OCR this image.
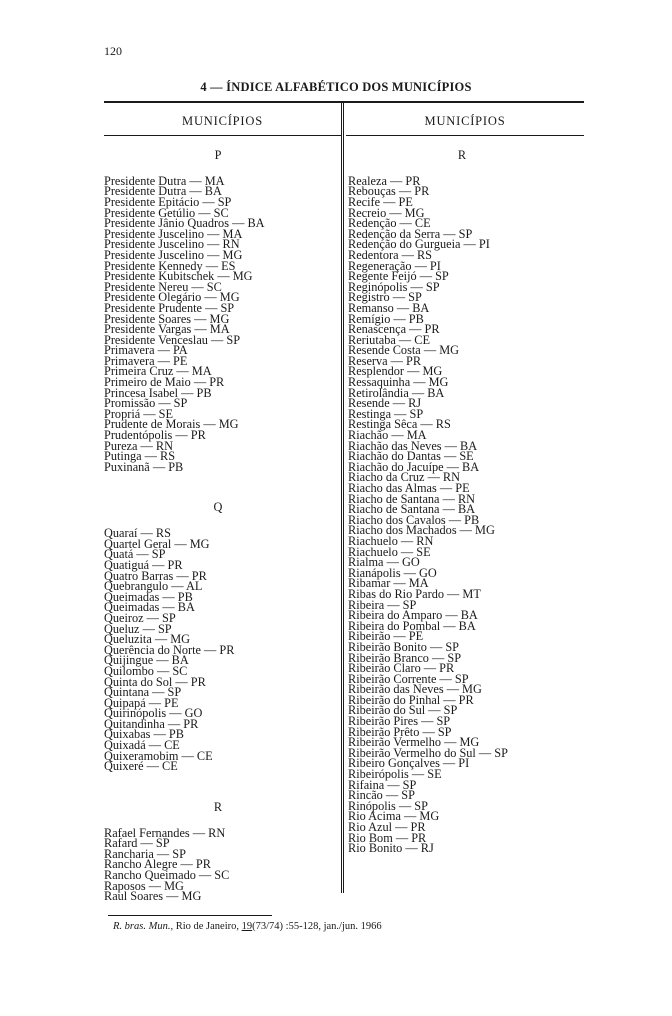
120
4 — ÍNDICE ALFABÉTICO DOS MUNICÍPIOS
MUNICÍPIOS	MUNICÍPIOS
P
Presidente Dutra — MA
Presidente Dutra — BA
Presidente Epitácio — SP
Presidente Getúlio — SC
Presidente Jânio Quadros — BA
Presidente Juscelino — MA
Presidente Juscelino — RN
Presidente Juscelino — MG
Presidente Kennedy — ES
Presidente Kubitschek — MG
Presidente Nereu — SC
Presidente Olegário — MG
Presidente Prudente — SP
Presidente Soares — MG
Presidente Vargas — MA
Presidente Venceslau — SP
Primavera — PA
Primavera — PE
Primeira Cruz — MA
Primeiro de Maio — PR
Princesa Isabel — PB
Promissão — SP
Propriá — SE
Prudente de Morais — MG
Prudentópolis — PR
Pureza — RN
Putinga — RS
Puxinanã — PB
Q
Quaraí — RS
Quartel Geral — MG
Quatá — SP
Quatiguá — PR
Quatro Barras — PR
Quebrangulo — AL
Queimadas — PB
Queimadas — BA
Queiroz — SP
Queluz — SP
Queluzita — MG
Querência do Norte — PR
Quijingue — BA
Quilombo — SC
Quinta do Sol — PR
Quintana — SP
Quipapá — PE
Quirinópolis — GO
Quitandinha — PR
Quixabas — PB
Quixadá — CE
Quixeramobim — CE
Quixeré — CE
R
Rafael Fernandes — RN
Rafard — SP
Rancharia — SP
Rancho Alegre — PR
Rancho Queimado — SC
Raposos — MG
Raul Soares — MG
R
Realeza — PR
Rebouças — PR
Recife — PE
Recreio — MG
Redenção — CE
Redenção da Serra — SP
Redenção do Gurgueia — PI
Redentora — RS
Regeneração — PI
Regente Feijó — SP
Reginópolis — SP
Registro — SP
Remanso — BA
Remígio — PB
Renascença — PR
Reriutaba — CE
Resende Costa — MG
Reserva — PR
Resplendor — MG
Ressaquinha — MG
Retirolândia — BA
Resende — RJ
Restinga — SP
Restinga Sêca — RS
Riachão — MA
Riachão das Neves — BA
Riachão do Dantas — SE
Riachão do Jacuípe — BA
Riacho da Cruz — RN
Riacho das Almas — PE
Riacho de Santana — RN
Riacho de Santana — BA
Riacho dos Cavalos — PB
Riacho dos Machados — MG
Riachuelo — RN
Riachuelo — SE
Rialma — GO
Rianápolis — GO
Ribamar — MA
Ribas do Rio Pardo — MT
Ribeira — SP
Ribeira do Amparo — BA
Ribeira do Pombal — BA
Ribeirão — PE
Ribeirão Bonito — SP
Ribeirão Branco — SP
Ribeirão Claro — PR
Ribeirão Corrente — SP
Ribeirão das Neves — MG
Ribeirão do Pinhal — PR
Ribeirão do Sul — SP
Ribeirão Pires — SP
Ribeirão Prêto — SP
Ribeirão Vermelho — MG
Ribeirão Vermelho do Sul — SP
Ribeiro Gonçalves — PI
Ribeirópolis — SE
Rifaina — SP
Rincão — SP
Rinópolis — SP
Rio Acima — MG
Rio Azul — PR
Rio Bom — PR
Rio Bonito — RJ
R. bras. Mun., Rio de Janeiro, 19(73/74) :55-128, jan./jun. 1966
